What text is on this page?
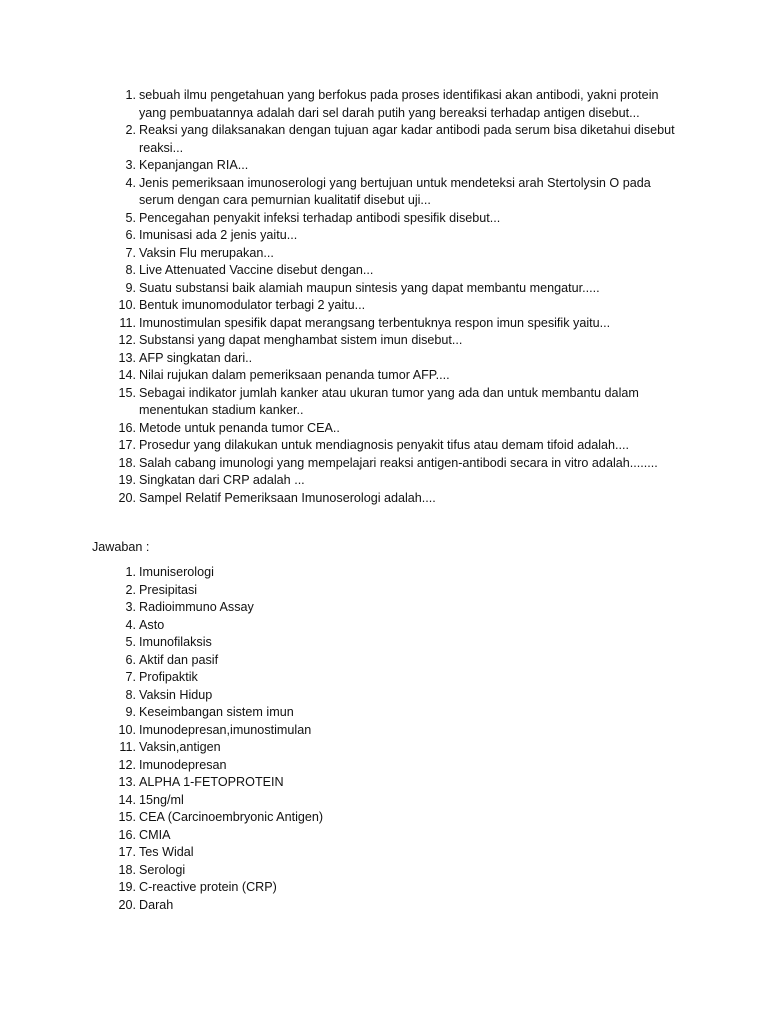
1. sebuah ilmu pengetahuan yang berfokus pada proses identifikasi akan antibodi, yakni protein yang pembuatannya adalah dari sel darah putih yang bereaksi terhadap antigen disebut...
2. Reaksi yang dilaksanakan dengan tujuan agar kadar antibodi pada serum bisa diketahui disebut reaksi...
3. Kepanjangan RIA...
4. Jenis pemeriksaan imunoserologi yang bertujuan untuk mendeteksi arah Stertolysin O pada serum dengan cara pemurnian kualitatif disebut uji...
5. Pencegahan penyakit infeksi terhadap antibodi spesifik disebut...
6. Imunisasi ada 2 jenis yaitu...
7. Vaksin Flu merupakan...
8. Live Attenuated Vaccine disebut dengan...
9. Suatu substansi baik alamiah maupun sintesis yang dapat membantu mengatur.....
10. Bentuk imunomodulator terbagi 2 yaitu...
11. Imunostimulan spesifik dapat merangsang terbentuknya respon imun spesifik yaitu...
12. Substansi yang dapat menghambat sistem imun disebut...
13. AFP singkatan dari..
14. Nilai rujukan dalam pemeriksaan penanda tumor AFP....
15. Sebagai indikator jumlah kanker atau ukuran tumor yang ada dan untuk membantu dalam menentukan stadium kanker..
16. Metode untuk penanda tumor CEA..
17. Prosedur yang dilakukan untuk mendiagnosis penyakit tifus atau demam tifoid adalah....
18. Salah cabang imunologi yang mempelajari reaksi antigen-antibodi secara in vitro adalah........
19. Singkatan dari CRP adalah ...
20. Sampel Relatif Pemeriksaan Imunoserologi adalah....
Jawaban :
1. Imuniserologi
2. Presipitasi
3. Radioimmuno Assay
4. Asto
5. Imunofilaksis
6. Aktif dan pasif
7. Profipaktik
8. Vaksin Hidup
9. Keseimbangan sistem imun
10. Imunodepresan,imunostimulan
11. Vaksin,antigen
12. Imunodepresan
13. ALPHA 1-FETOPROTEIN
14. 15ng/ml
15. CEA (Carcinoembryonic Antigen)
16. CMIA
17. Tes Widal
18. Serologi
19. C-reactive protein (CRP)
20. Darah
